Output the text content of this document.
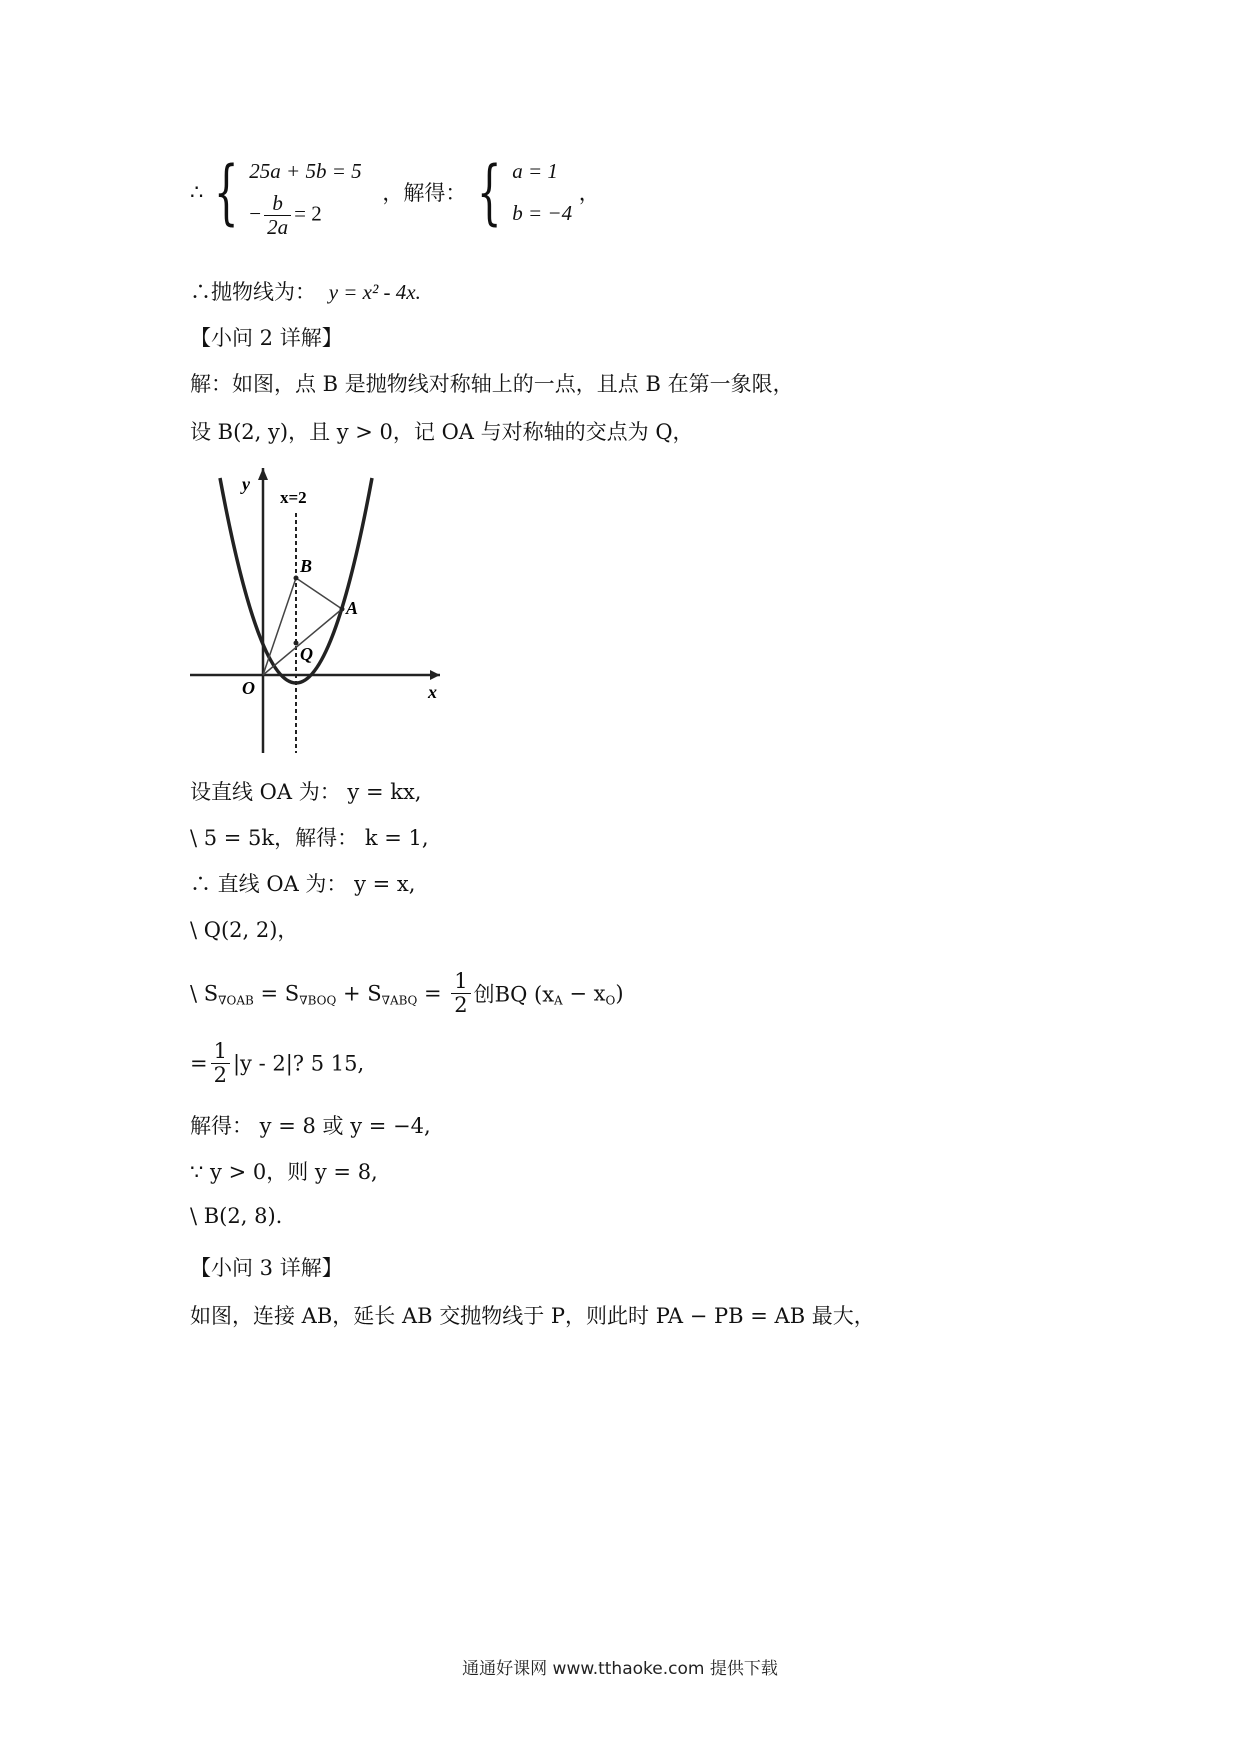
∴ { 25a + 5b = 5
− $\frac{b}{2a} = 2$
，解得： { a = 1
b = −4
，
∴抛物线为： y = x² - 4x.
【小问 2 详解】
解：如图，点 B 是抛物线对称轴上的一点，且点 B 在第一象限，
设 B(2, y)，且 y > 0，记 OA 与对称轴的交点为 Q，
y
x
x=2
B
A
Q
O
设直线 OA 为： y = kx,
\ 5 = 5k，解得： k = 1,
∴ 直线 OA 为： y = x,
\ Q(2, 2)，
\ $S_{\nabla OAB} = S_{\nabla BOQ} + S_{\nabla ABQ} = \frac{1}{2}$ 创BQ $(x_A - x_O)$
= $\frac{1}{2} |y - 2|$? 5 15,
解得： y = 8 或 y = −4,
∵ y > 0，则 y = 8,
\ B(2, 8).
【小问 3 详解】
如图，连接 AB，延长 AB 交抛物线于 P，则此时 PA − PB = AB 最大，
通通好课网 www.tthaoke.com 提供下载
